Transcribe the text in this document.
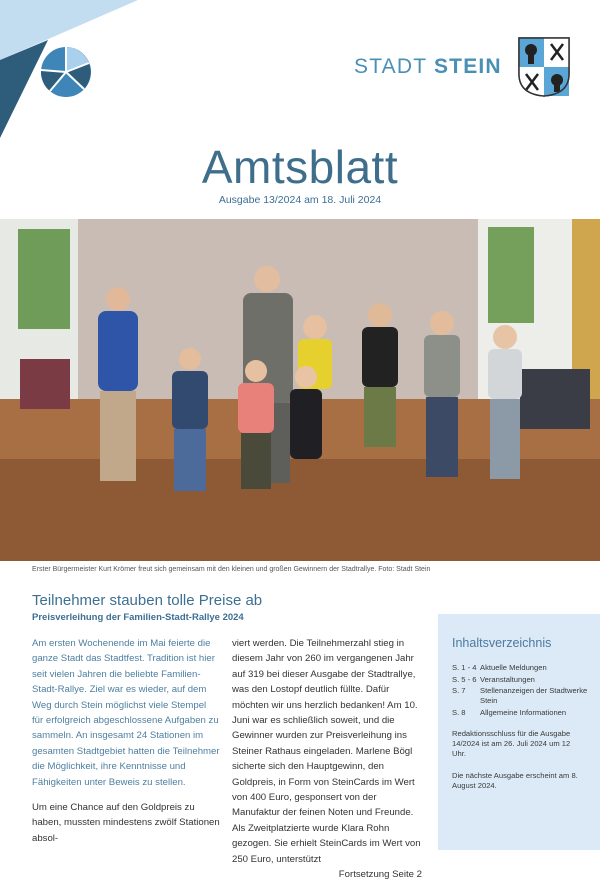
STADT STEIN
Amtsblatt
Ausgabe 13/2024 am 18. Juli 2024
Erster Bürgermeister Kurt Krömer freut sich gemeinsam mit den kleinen und großen Gewinnern der Stadtrallye. Foto: Stadt Stein
Teilnehmer stauben tolle Preise ab
Preisverleihung der Familien-Stadt-Rallye 2024

Am ersten Wochenende im Mai feierte die ganze Stadt das Stadtfest. Tradition ist hier seit vielen Jahren die beliebte Familien-Stadt-Rallye. Ziel war es wieder, auf dem Weg durch Stein möglichst viele Stempel für erfolgreich abgeschlossene Aufgaben zu sammeln. An insgesamt 24 Stationen im gesamten Stadtgebiet hatten die Teilnehmer die Möglichkeit, ihre Kenntnisse und Fähigkeiten unter Beweis zu stellen.

Um eine Chance auf den Goldpreis zu haben, mussten mindestens zwölf Stationen absol-

viert werden. Die Teilnehmerzahl stieg in diesem Jahr von 260 im vergangenen Jahr auf 319 bei dieser Ausgabe der Stadtrallye, was den Lostopf deutlich füllte. Dafür möchten wir uns herzlich bedanken! Am 10. Juni war es schließlich soweit, und die Gewinner wurden zur Preisverleihung ins Steiner Rathaus eingeladen. Marlene Bögl sicherte sich den Hauptgewinn, den Goldpreis, in Form von SteinCards im Wert von 400 Euro, gesponsert von der Manufaktur der feinen Noten und Freunde. Als Zweitplatzierte wurde Klara Rohn gezogen. Sie erhielt SteinCards im Wert von 250 Euro, unterstützt

Fortsetzung Seite 2

Inhaltsverzeichnis
S. 1 - 4 Aktuelle Meldungen
S. 5 - 6 Veranstaltungen
S. 7 Stellenanzeigen der Stadtwerke Stein
S. 8 Allgemeine Informationen
Redaktionsschluss für die Ausgabe 14/2024 ist am 26. Juli 2024 um 12 Uhr.
Die nächste Ausgabe erscheint am 8. August 2024.
